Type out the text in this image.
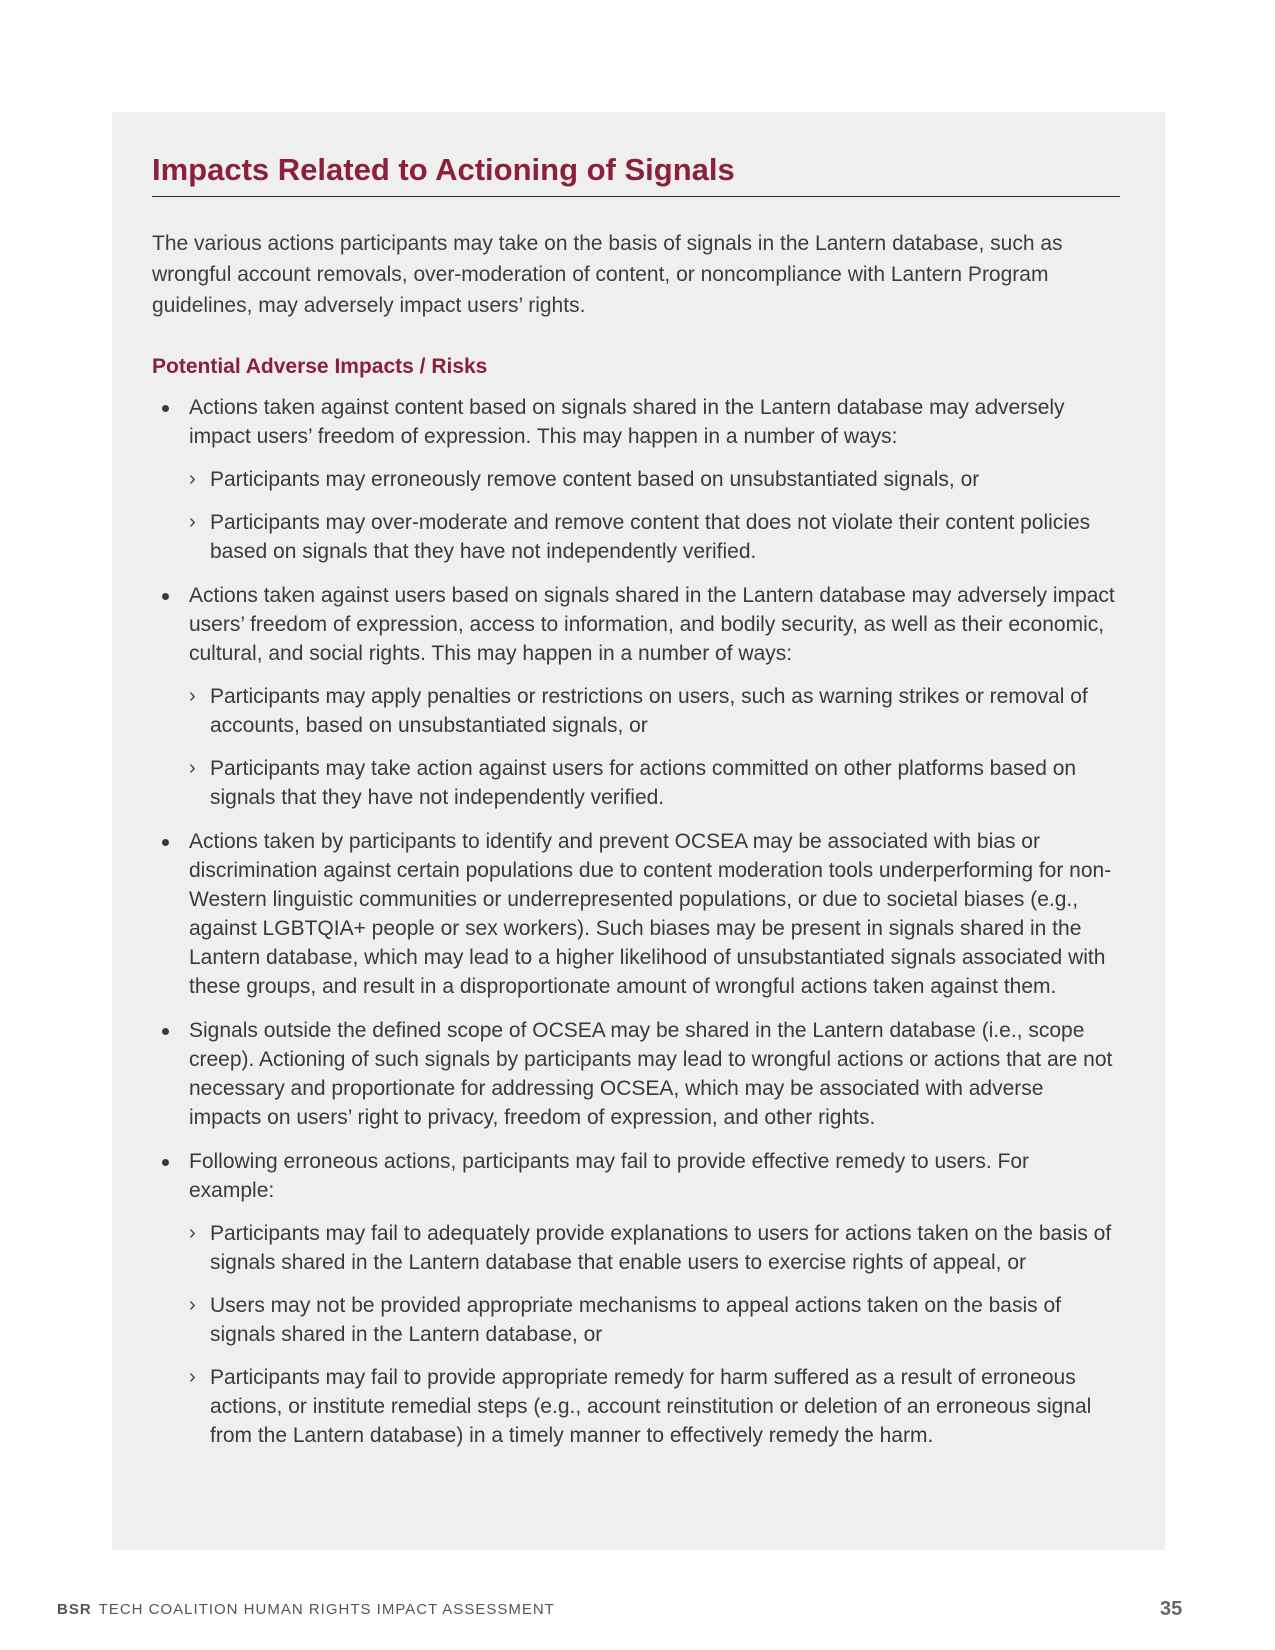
Impacts Related to Actioning of Signals

The various actions participants may take on the basis of signals in the Lantern database, such as wrongful account removals, over-moderation of content, or noncompliance with Lantern Program guidelines, may adversely impact users’ rights.

Potential Adverse Impacts / Risks
Actions taken against content based on signals shared in the Lantern database may adversely impact users’ freedom of expression. This may happen in a number of ways:
› Participants may erroneously remove content based on unsubstantiated signals, or
› Participants may over-moderate and remove content that does not violate their content policies based on signals that they have not independently verified.
Actions taken against users based on signals shared in the Lantern database may adversely impact users’ freedom of expression, access to information, and bodily security, as well as their economic, cultural, and social rights. This may happen in a number of ways:
› Participants may apply penalties or restrictions on users, such as warning strikes or removal of accounts, based on unsubstantiated signals, or
› Participants may take action against users for actions committed on other platforms based on signals that they have not independently verified.
Actions taken by participants to identify and prevent OCSEA may be associated with bias or discrimination against certain populations due to content moderation tools underperforming for non-Western linguistic communities or underrepresented populations, or due to societal biases (e.g., against LGBTQIA+ people or sex workers). Such biases may be present in signals shared in the Lantern database, which may lead to a higher likelihood of unsubstantiated signals associated with these groups, and result in a disproportionate amount of wrongful actions taken against them.
Signals outside the defined scope of OCSEA may be shared in the Lantern database (i.e., scope creep). Actioning of such signals by participants may lead to wrongful actions or actions that are not necessary and proportionate for addressing OCSEA, which may be associated with adverse impacts on users’ right to privacy, freedom of expression, and other rights.
Following erroneous actions, participants may fail to provide effective remedy to users. For example:
› Participants may fail to adequately provide explanations to users for actions taken on the basis of signals shared in the Lantern database that enable users to exercise rights of appeal, or
› Users may not be provided appropriate mechanisms to appeal actions taken on the basis of signals shared in the Lantern database, or
› Participants may fail to provide appropriate remedy for harm suffered as a result of erroneous actions, or institute remedial steps (e.g., account reinstitution or deletion of an erroneous signal from the Lantern database) in a timely manner to effectively remedy the harm.
BSR TECH COALITION HUMAN RIGHTS IMPACT ASSESSMENT	35
